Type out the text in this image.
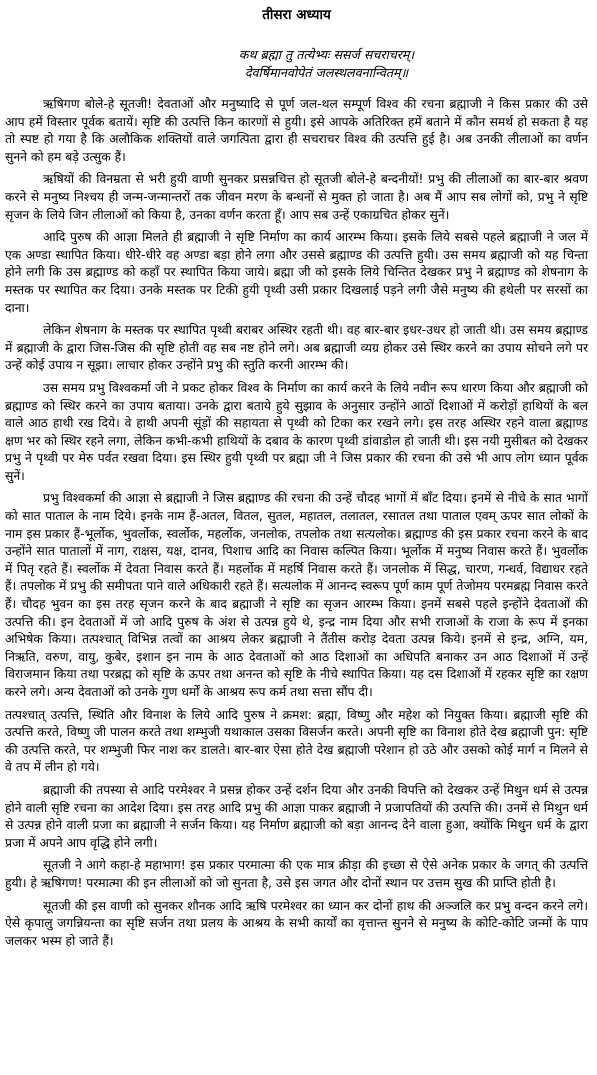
तीसरा अध्याय
कथ ब्रह्मा तु तत्येभ्यः ससर्ज सचराचरम्।
देवर्षिमानवोपेतं जलस्थलवनान्वितम्॥

ऋषिगण बोले-हे सूतजी! देवताओं और मनुष्यादि से पूर्ण जल-थल सम्पूर्ण विश्व की रचना ब्रह्माजी ने किस प्रकार की उसे आप हमें विस्तार पूर्वक बतायें। सृष्टि की उत्पत्ति किन कारणों से हुयी। इसे आपके अतिरिक्त हमें बताने में कौन समर्थ हो सकता है यह तो स्पष्ट हो गया है कि अलौकिक शक्तियों वाले जगत्पिता द्वारा ही सचराचर विश्व की उत्पत्ति हुई है। अब उनकी लीलाओं का वर्णन सुनने को हम बड़े उत्सुक हैं।

ऋषियों की विनम्रता से भरी हुयी वाणी सुनकर प्रसन्नचित्त हो सूतजी बोले-हे बन्दनीयों! प्रभु की लीलाओं का बार-बार श्रवण करने से मनुष्य निश्चय ही जन्म-जन्मान्तरों तक जीवन मरण के बन्धनों से मुक्त हो जाता है। अब मैं आप सब लोगों को, प्रभु ने सृष्टि सृजन के लिये जिन लीलाओं को किया है, उनका वर्णन करता हूँ। आप सब उन्हें एकाग्रचित होकर सुनें।

आदि पुरुष की आज्ञा मिलते ही ब्रह्माजी ने सृष्टि निर्माण का कार्य आरम्भ किया। इसके लिये सबसे पहले ब्रह्माजी ने जल में एक अण्डा स्थापित किया। धीरे-धीरे वह अण्डा बड़ा होने लगा और उससे ब्रह्माण्ड की उत्पत्ति हुयी। उस समय ब्रह्माजी को यह चिन्ता होने लगी कि उस ब्रह्माण्ड को कहाँ पर स्थापित किया जाये। ब्रह्मा जी को इसके लिये चिन्तित देखकर प्रभु ने ब्रह्माण्ड को शेषनाग के मस्तक पर स्थापित कर दिया। उनके मस्तक पर टिकी हुयी पृथ्वी उसी प्रकार दिखलाई पड़ने लगी जैसे मनुष्य की हथेली पर सरसों का दाना।

लेकिन शेषनाग के मस्तक पर स्थापित पृथ्वी बराबर अस्थिर रहती थी। वह बार-बार इधर-उधर हो जाती थी। उस समय ब्रह्माण्ड में ब्रह्माजी के द्वारा जिस-जिस की सृष्टि होती वह सब नष्ट होने लगे। अब ब्रह्माजी व्यग्र होकर उसे स्थिर करने का उपाय सोचने लगे पर उन्हें कोई उपाय न सूझा। लाचार होकर उन्होंने प्रभु की स्तुति करनी आरम्भ की।

उस समय प्रभु विश्वकर्मा जी ने प्रकट होकर विश्व के निर्माण का कार्य करने के लिये नवीन रूप धारण किया और ब्रह्माजी को ब्रह्माण्ड को स्थिर करने का उपाय बताया। उनके द्वारा बताये हुये सुझाव के अनुसार उन्होंने आठों दिशाओं में करोड़ों हाथियों के बल वाले आठ हाथी रख दिये। वे हाथी अपनी सूंड़ों की सहायता से पृथ्वी को टिका कर रखने लगे। इस तरह अस्थिर रहने वाला ब्रह्माण्ड क्षण भर को स्थिर रहने लगा, लेकिन कभी-कभी हाथियों के दबाव के कारण पृथ्वी डांवाडोल हो जाती थी। इस नयी मुसीबत को देखकर प्रभु ने पृथ्वी पर मेरु पर्वत रखवा दिया। इस स्थिर हुयी पृथ्वी पर ब्रह्मा जी ने जिस प्रकार की रचना की उसे भी आप लोग ध्यान पूर्वक सुनें।

प्रभु विश्वकर्मा की आज्ञा से ब्रह्माजी ने जिस ब्रह्माण्ड की रचना की उन्हें चौदह भागों में बाँट दिया। इनमें से नीचे के सात भागों को सात पाताल के नाम दिये। इनके नाम हैं-अतल, वितल, सुतल, महातल, तलातल, रसातल तथा पाताल एवम् ऊपर सात लोकों के नाम इस प्रकार हैं-भूर्लोक, भुवर्लोक, स्वर्लोक, महर्लोक, जनलोक, तपलोक तथा सत्यलोक। ब्रह्माण्ड की इस प्रकार रचना करने के बाद उन्होंने सात पातालों में नाग, राक्षस, यक्ष, दानव, पिशाच आदि का निवास कल्पित किया। भूर्लोक में मनुष्य निवास करते हैं। भुवर्लोक में पितृ रहते हैं। स्वर्लोक में देवता निवास करते हैं। महर्लोक में महर्षि निवास करते हैं। जनलोक में सिद्ध, चारण, गन्धर्व, विद्याधर रहते हैं। तपलोक में प्रभु की समीपता पाने वाले अधिकारी रहते हैं। सत्यलोक में आनन्द स्वरूप पूर्ण काम पूर्ण तेजोमय परमब्रह्म निवास करते हैं। चौदह भुवन का इस तरह सृजन करने के बाद ब्रह्माजी ने सृष्टि का सृजन आरम्भ किया। इनमें सबसे पहले इन्होंने देवताओं की उत्पत्ति की। इन देवताओं में जो आदि पुरुष के अंश से उत्पन्न हुये थे, इन्द्र नाम दिया और सभी राजाओं के राजा के रूप में इनका अभिषेक किया। तत्पश्चात् विभिन्न तत्वों का आश्रय लेकर ब्रह्माजी ने तैंतीस करोड़ देवता उत्पन्न किये। इनमें से इन्द्र, अग्नि, यम, निऋति, वरुण, वायु, कुबेर, इशान इन नाम के आठ देवताओं को आठ दिशाओं का अधिपति बनाकर उन आठ दिशाओं में उन्हें विराजमान किया तथा परब्रह्म को सृष्टि के ऊपर तथा अनन्त को सृष्टि के नीचे स्थापित किया। यह दस दिशाओं में रहकर सृष्टि का रक्षण करने लगे। अन्य देवताओं को उनके गुण धर्मों के आश्रय रूप कर्म तथा सत्ता सौंप दी।

तत्पश्चात् उत्पत्ति, स्थिति और विनाश के लिये आदि पुरुष ने क्रमश: ब्रह्मा, विष्णु और महेश को नियुक्त किया। ब्रह्माजी सृष्टि की उत्पत्ति करते, विष्णु जी पालन करते तथा शम्भुजी यथाकाल उसका विसर्जन करते। अपनी सृष्टि का विनाश होते देख ब्रह्माजी पुन: सृष्टि की उत्पत्ति करते, पर शम्भुजी फिर नाश कर डालते। बार-बार ऐसा होते देख ब्रह्माजी परेशान हो उठे और उसको कोई मार्ग न मिलने से वे तप में लीन हो गये।

ब्रह्माजी की तपस्या से आदि परमेश्वर ने प्रसन्न होकर उन्हें दर्शन दिया और उनकी विपत्ति को देखकर उन्हें मिथुन धर्म से उत्पन्न होने वाली सृष्टि रचना का आदेश दिया। इस तरह आदि प्रभु की आज्ञा पाकर ब्रह्माजी ने प्रजापतियों की उत्पत्ति की। उनमें से मिथुन धर्म से उत्पन्न होने वाली प्रजा का ब्रह्माजी ने सर्जन किया। यह निर्माण ब्रह्माजी को बड़ा आनन्द देने वाला हुआ, क्योंकि मिथुन धर्म के द्वारा प्रजा में अपने आप वृद्धि होने लगी।

सूतजी ने आगे कहा-हे महाभाग! इस प्रकार परमात्मा की एक मात्र क्रीड़ा की इच्छा से ऐसे अनेक प्रकार के जगत् की उत्पत्ति हुयी। हे ऋषिगण! परमात्मा की इन लीलाओं को जो सुनता है, उसे इस जगत और दोनों स्थान पर उत्तम सुख की प्राप्ति होती है।

सूतजी की इस वाणी को सुनकर शौनक आदि ऋषि परमेश्वर का ध्यान कर दोनों हाथ की अञ्जलि कर प्रभु वन्दन करने लगे। ऐसे कृपालु जगन्नियन्ता का सृष्टि सर्जन तथा प्रलय के आश्रय के सभी कार्यों का वृत्तान्त सुनने से मनुष्य के कोटि-कोटि जन्मों के पाप जलकर भस्म हो जाते हैं।
